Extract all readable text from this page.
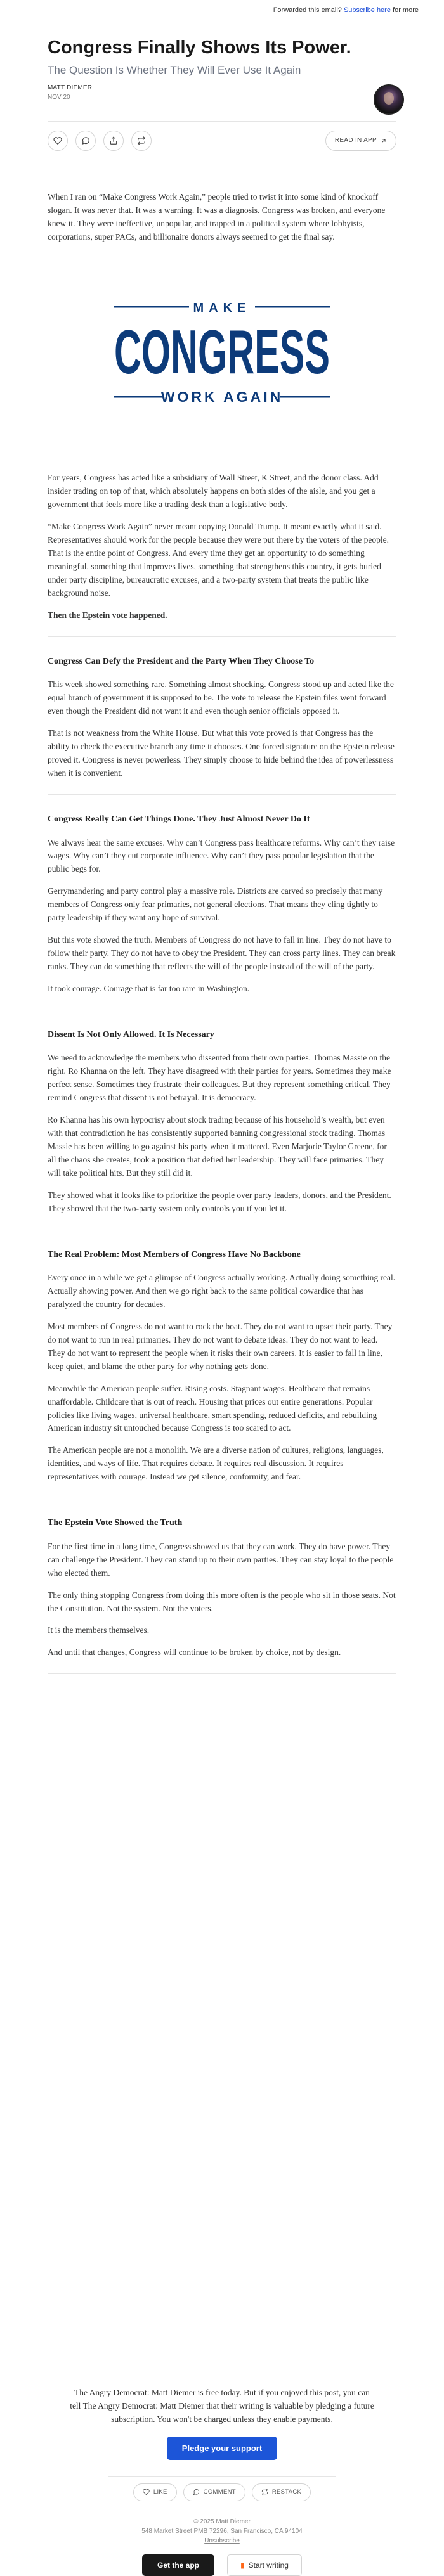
Forwarded this email? Subscribe here for more
Congress Finally Shows Its Power.
The Question Is Whether They Will Ever Use It Again
MATT DIEMER
NOV 20
READ IN APP

When I ran on “Make Congress Work Again,” people tried to twist it into some kind of knockoff slogan. It was never that. It was a warning. It was a diagnosis. Congress was broken, and everyone knew it. They were ineffective, unpopular, and trapped in a political system where lobbyists, corporations, super PACs, and billionaire donors always seemed to get the final say.

MAKE
CONGRESS
WORK AGAIN

For years, Congress has acted like a subsidiary of Wall Street, K Street, and the donor class. Add insider trading on top of that, which absolutely happens on both sides of the aisle, and you get a government that feels more like a trading desk than a legislative body.

“Make Congress Work Again” never meant copying Donald Trump. It meant exactly what it said. Representatives should work for the people because they were put there by the voters of the people. That is the entire point of Congress. And every time they get an opportunity to do something meaningful, something that improves lives, something that strengthens this country, it gets buried under party discipline, bureaucratic excuses, and a two-party system that treats the public like background noise.

Then the Epstein vote happened.

Congress Can Defy the President and the Party When They Choose To

This week showed something rare. Something almost shocking. Congress stood up and acted like the equal branch of government it is supposed to be. The vote to release the Epstein files went forward even though the President did not want it and even though senior officials opposed it.

That is not weakness from the White House. But what this vote proved is that Congress has the ability to check the executive branch any time it chooses. One forced signature on the Epstein release proved it. Congress is never powerless. They simply choose to hide behind the idea of powerlessness when it is convenient.

Congress Really Can Get Things Done. They Just Almost Never Do It

We always hear the same excuses. Why can’t Congress pass healthcare reforms. Why can’t they raise wages. Why can’t they cut corporate influence. Why can’t they pass popular legislation that the public begs for.

Gerrymandering and party control play a massive role. Districts are carved so precisely that many members of Congress only fear primaries, not general elections. That means they cling tightly to party leadership if they want any hope of survival.

But this vote showed the truth. Members of Congress do not have to fall in line. They do not have to follow their party. They do not have to obey the President. They can cross party lines. They can break ranks. They can do something that reflects the will of the people instead of the will of the party.

It took courage. Courage that is far too rare in Washington.

Dissent Is Not Only Allowed. It Is Necessary

We need to acknowledge the members who dissented from their own parties. Thomas Massie on the right. Ro Khanna on the left. They have disagreed with their parties for years. Sometimes they make perfect sense. Sometimes they frustrate their colleagues. But they represent something critical. They remind Congress that dissent is not betrayal. It is democracy.

Ro Khanna has his own hypocrisy about stock trading because of his household’s wealth, but even with that contradiction he has consistently supported banning congressional stock trading. Thomas Massie has been willing to go against his party when it mattered. Even Marjorie Taylor Greene, for all the chaos she creates, took a position that defied her leadership. They will face primaries. They will take political hits. But they still did it.

They showed what it looks like to prioritize the people over party leaders, donors, and the President. They showed that the two-party system only controls you if you let it.

The Real Problem: Most Members of Congress Have No Backbone

Every once in a while we get a glimpse of Congress actually working. Actually doing something real. Actually showing power. And then we go right back to the same political cowardice that has paralyzed the country for decades.

Most members of Congress do not want to rock the boat. They do not want to upset their party. They do not want to run in real primaries. They do not want to debate ideas. They do not want to lead. They do not want to represent the people when it risks their own careers. It is easier to fall in line, keep quiet, and blame the other party for why nothing gets done.

Meanwhile the American people suffer. Rising costs. Stagnant wages. Healthcare that remains unaffordable. Childcare that is out of reach. Housing that prices out entire generations. Popular policies like living wages, universal healthcare, smart spending, reduced deficits, and rebuilding American industry sit untouched because Congress is too scared to act.

The American people are not a monolith. We are a diverse nation of cultures, religions, languages, identities, and ways of life. That requires debate. It requires real discussion. It requires representatives with courage. Instead we get silence, conformity, and fear.

The Epstein Vote Showed the Truth

For the first time in a long time, Congress showed us that they can work. They do have power. They can challenge the President. They can stand up to their own parties. They can stay loyal to the people who elected them.

The only thing stopping Congress from doing this more often is the people who sit in those seats. Not the Constitution. Not the system. Not the voters.

It is the members themselves.

And until that changes, Congress will continue to be broken by choice, not by design.

The Angry Democrat: Matt Diemer is free today. But if you enjoyed this post, you can tell The Angry Democrat: Matt Diemer that their writing is valuable by pledging a future subscription. You won't be charged unless they enable payments.
Pledge your support
LIKE	COMMENT	RESTACK
© 2025 Matt Diemer
548 Market Street PMB 72296, San Francisco, CA 94104
Unsubscribe
Get the app	▮ Start writing
